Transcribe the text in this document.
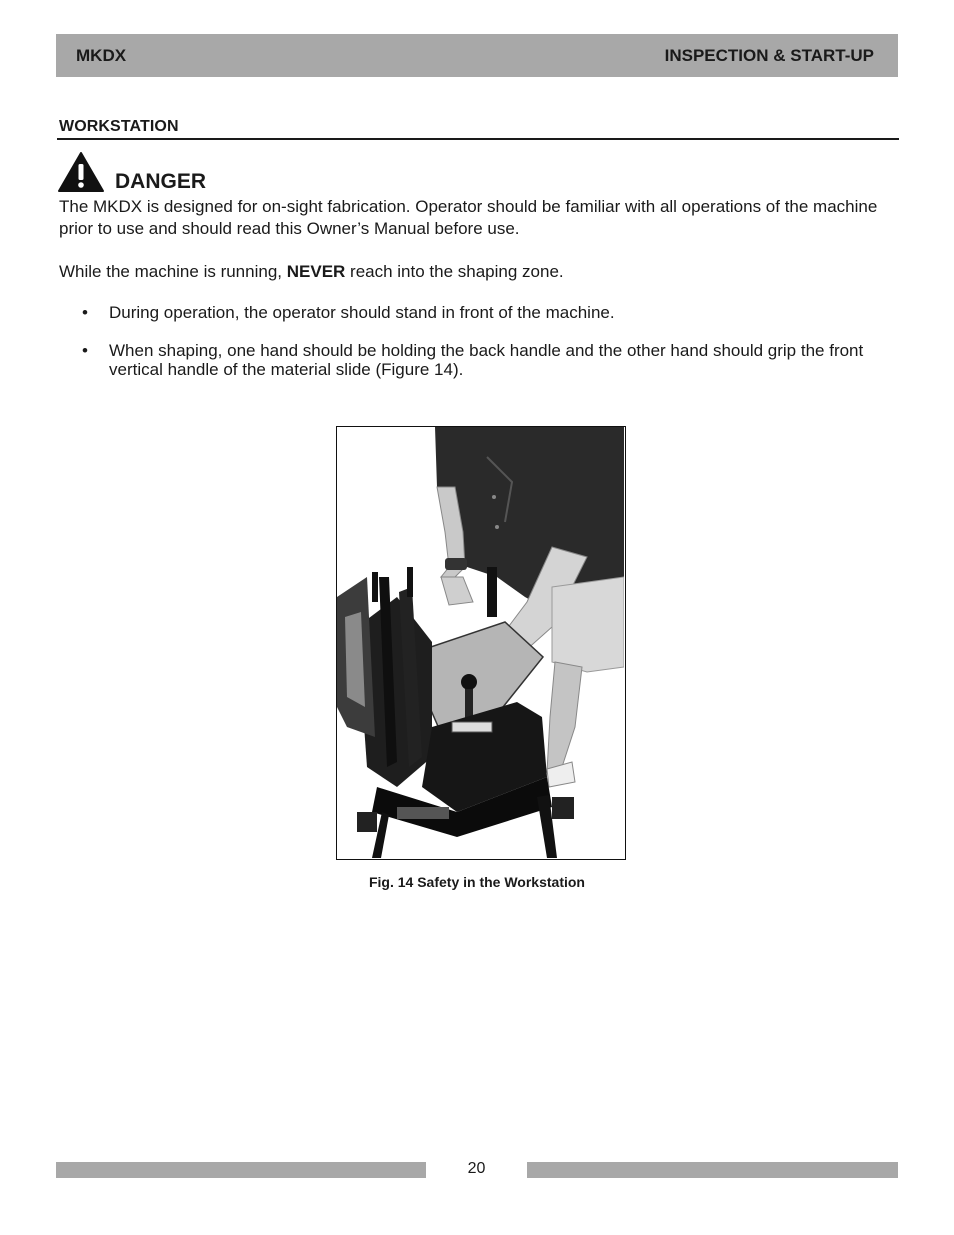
MKDX	INSPECTION & START-UP
WORKSTATION
DANGER
The MKDX is designed for on-sight fabrication. Operator should be familiar with all operations of the machine prior to use and should read this Owner’s Manual before use.
While the machine is running, NEVER reach into the shaping zone.
•	During operation, the operator should stand in front of the machine.
•	When shaping, one hand should be holding the back handle and the other hand should grip the front vertical handle of the material slide (Figure 14).
Fig. 14 Safety in the Workstation
20
